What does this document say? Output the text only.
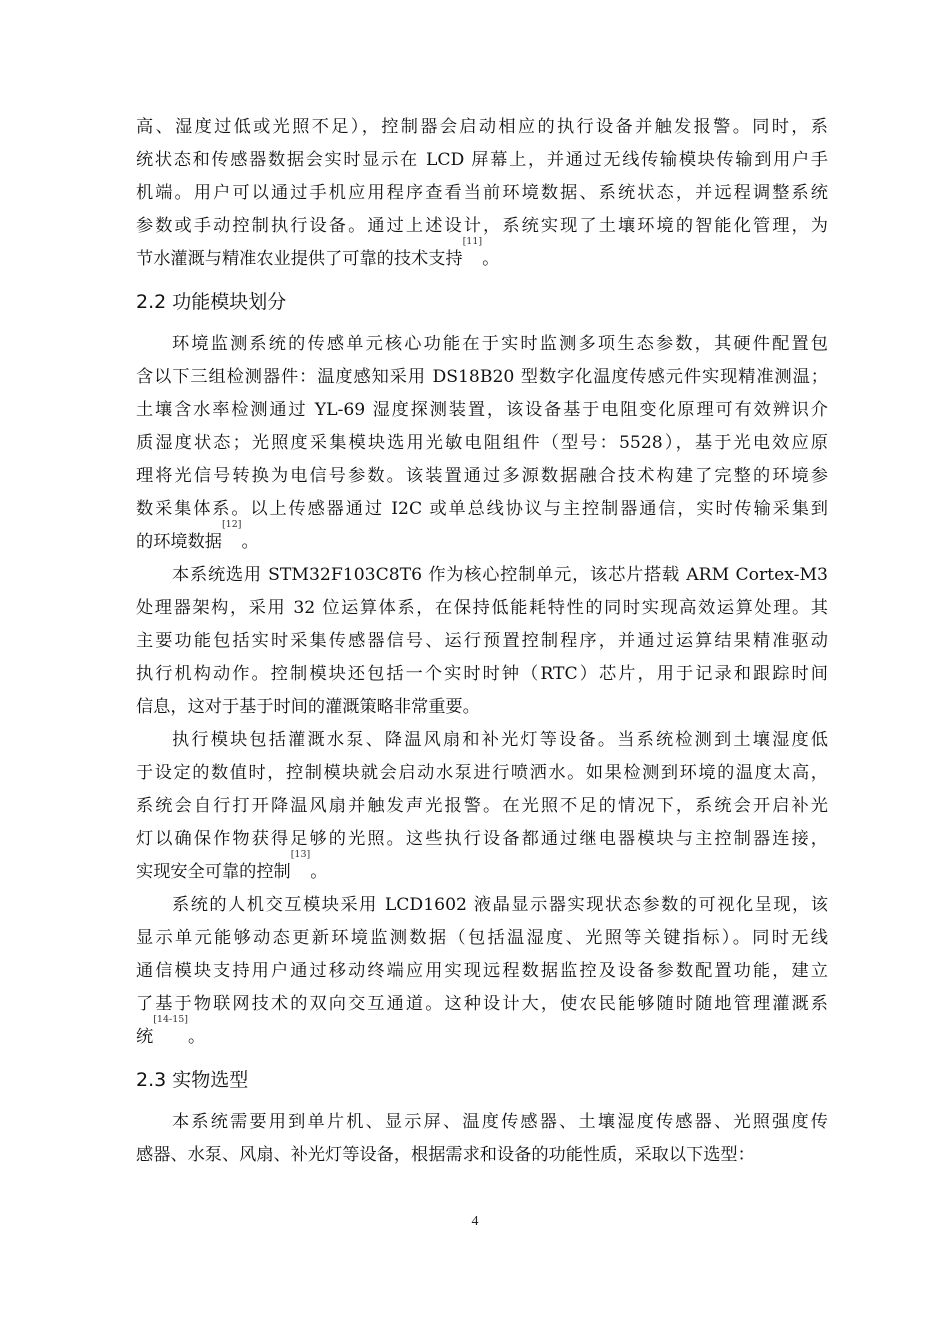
高、湿度过低或光照不足），控制器会启动相应的执行设备并触发报警。同时，系
统状态和传感器数据会实时显示在 LCD 屏幕上，并通过无线传输模块传输到用户手
机端。用户可以通过手机应用程序查看当前环境数据、系统状态，并远程调整系统
参数或手动控制执行设备。通过上述设计，系统实现了土壤环境的智能化管理，为
节水灌溉与精准农业提供了可靠的技术支持[11]。
2.2 功能模块划分
环境监测系统的传感单元核心功能在于实时监测多项生态参数，其硬件配置包
含以下三组检测器件：温度感知采用 DS18B20 型数字化温度传感元件实现精准测温；
土壤含水率检测通过 YL-69 湿度探测装置，该设备基于电阻变化原理可有效辨识介
质湿度状态；光照度采集模块选用光敏电阻组件（型号：5528），基于光电效应原
理将光信号转换为电信号参数。该装置通过多源数据融合技术构建了完整的环境参
数采集体系。以上传感器通过 I2C 或单总线协议与主控制器通信，实时传输采集到
的环境数据[12]。
本系统选用 STM32F103C8T6 作为核心控制单元，该芯片搭载 ARM Cortex-M3
处理器架构，采用 32 位运算体系，在保持低能耗特性的同时实现高效运算处理。其
主要功能包括实时采集传感器信号、运行预置控制程序，并通过运算结果精准驱动
执行机构动作。控制模块还包括一个实时时钟（RTC）芯片，用于记录和跟踪时间
信息，这对于基于时间的灌溉策略非常重要。
执行模块包括灌溉水泵、降温风扇和补光灯等设备。当系统检测到土壤湿度低
于设定的数值时，控制模块就会启动水泵进行喷洒水。如果检测到环境的温度太高，
系统会自行打开降温风扇并触发声光报警。在光照不足的情况下，系统会开启补光
灯以确保作物获得足够的光照。这些执行设备都通过继电器模块与主控制器连接，
实现安全可靠的控制[13]。
系统的人机交互模块采用 LCD1602 液晶显示器实现状态参数的可视化呈现，该
显示单元能够动态更新环境监测数据（包括温湿度、光照等关键指标）。同时无线
通信模块支持用户通过移动终端应用实现远程数据监控及设备参数配置功能，建立
了基于物联网技术的双向交互通道。这种设计大，使农民能够随时随地管理灌溉系
统[14-15]。
2.3 实物选型
本系统需要用到单片机、显示屏、温度传感器、土壤湿度传感器、光照强度传
感器、水泵、风扇、补光灯等设备，根据需求和设备的功能性质，采取以下选型：
4
